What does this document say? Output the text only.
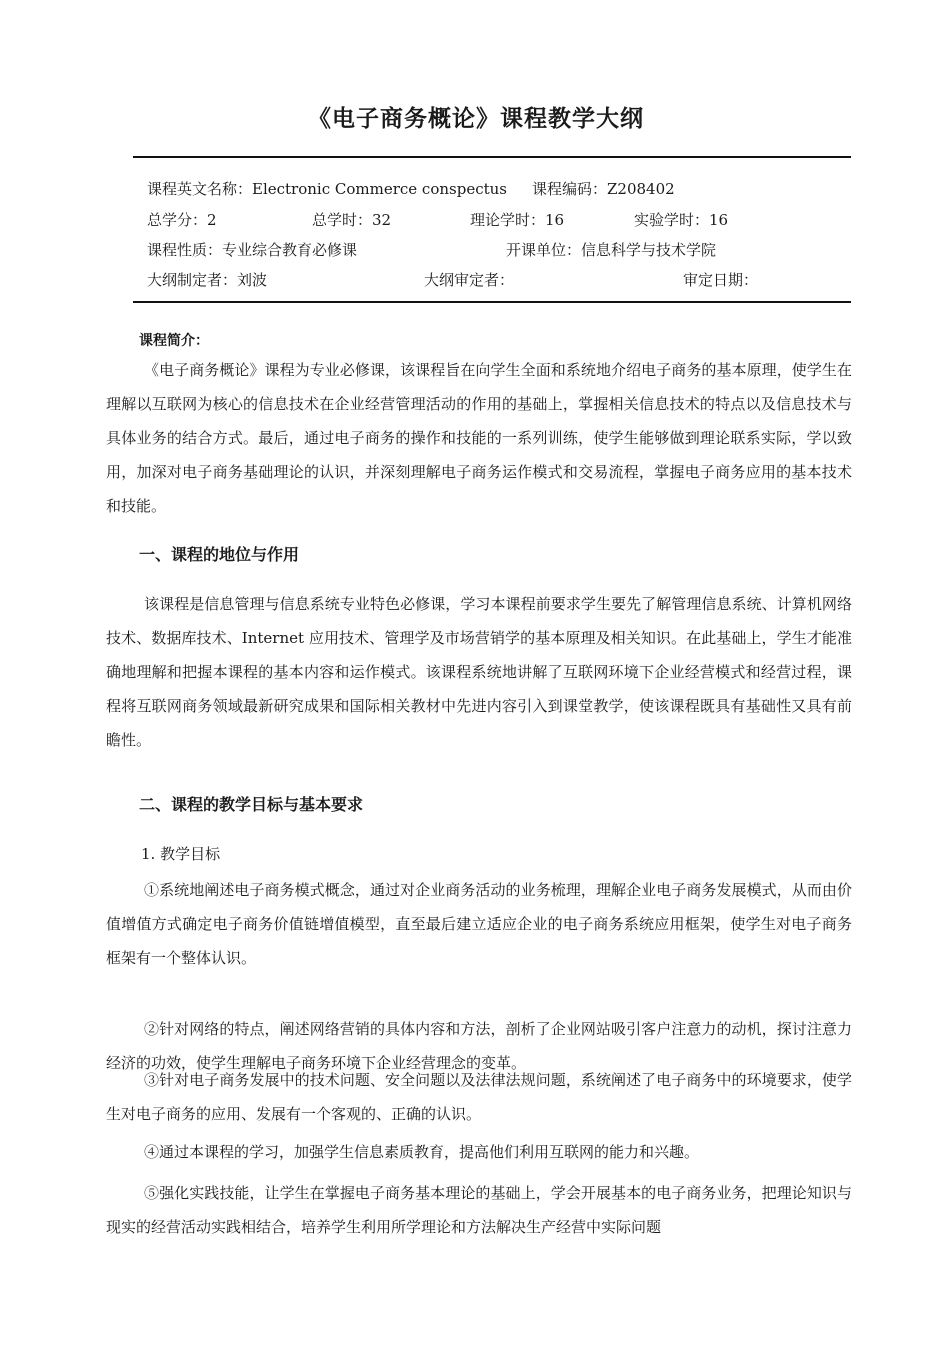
《电子商务概论》课程教学大纲
课程英文名称：Electronic Commerce conspectus 课程编码：Z208402
总学分：2	总学时：32	理论学时：16	实验学时：16
课程性质：专业综合教育必修课	开课单位：信息科学与技术学院
大纲制定者：刘波	大纲审定者：	审定日期：
课程简介：

《电子商务概论》课程为专业必修课，该课程旨在向学生全面和系统地介绍电子商务的基本原理，使学生在理解以互联网为核心的信息技术在企业经营管理活动的作用的基础上，掌握相关信息技术的特点以及信息技术与具体业务的结合方式。最后，通过电子商务的操作和技能的一系列训练，使学生能够做到理论联系实际，学以致用，加深对电子商务基础理论的认识，并深刻理解电子商务运作模式和交易流程，掌握电子商务应用的基本技术和技能。

一、课程的地位与作用

该课程是信息管理与信息系统专业特色必修课，学习本课程前要求学生要先了解管理信息系统、计算机网络技术、数据库技术、Internet 应用技术、管理学及市场营销学的基本原理及相关知识。在此基础上，学生才能准确地理解和把握本课程的基本内容和运作模式。该课程系统地讲解了互联网环境下企业经营模式和经营过程，课程将互联网商务领域最新研究成果和国际相关教材中先进内容引入到课堂教学，使该课程既具有基础性又具有前瞻性。

二、课程的教学目标与基本要求

1. 教学目标

①系统地阐述电子商务模式概念，通过对企业商务活动的业务梳理，理解企业电子商务发展模式，从而由价值增值方式确定电子商务价值链增值模型，直至最后建立适应企业的电子商务系统应用框架，使学生对电子商务框架有一个整体认识。

②针对网络的特点，阐述网络营销的具体内容和方法，剖析了企业网站吸引客户注意力的动机，探讨注意力经济的功效，使学生理解电子商务环境下企业经营理念的变革。

③针对电子商务发展中的技术问题、安全问题以及法律法规问题，系统阐述了电子商务中的环境要求，使学生对电子商务的应用、发展有一个客观的、正确的认识。

④通过本课程的学习，加强学生信息素质教育，提高他们利用互联网的能力和兴趣。

⑤强化实践技能，让学生在掌握电子商务基本理论的基础上，学会开展基本的电子商务业务，把理论知识与现实的经营活动实践相结合，培养学生利用所学理论和方法解决生产经营中实际问题
